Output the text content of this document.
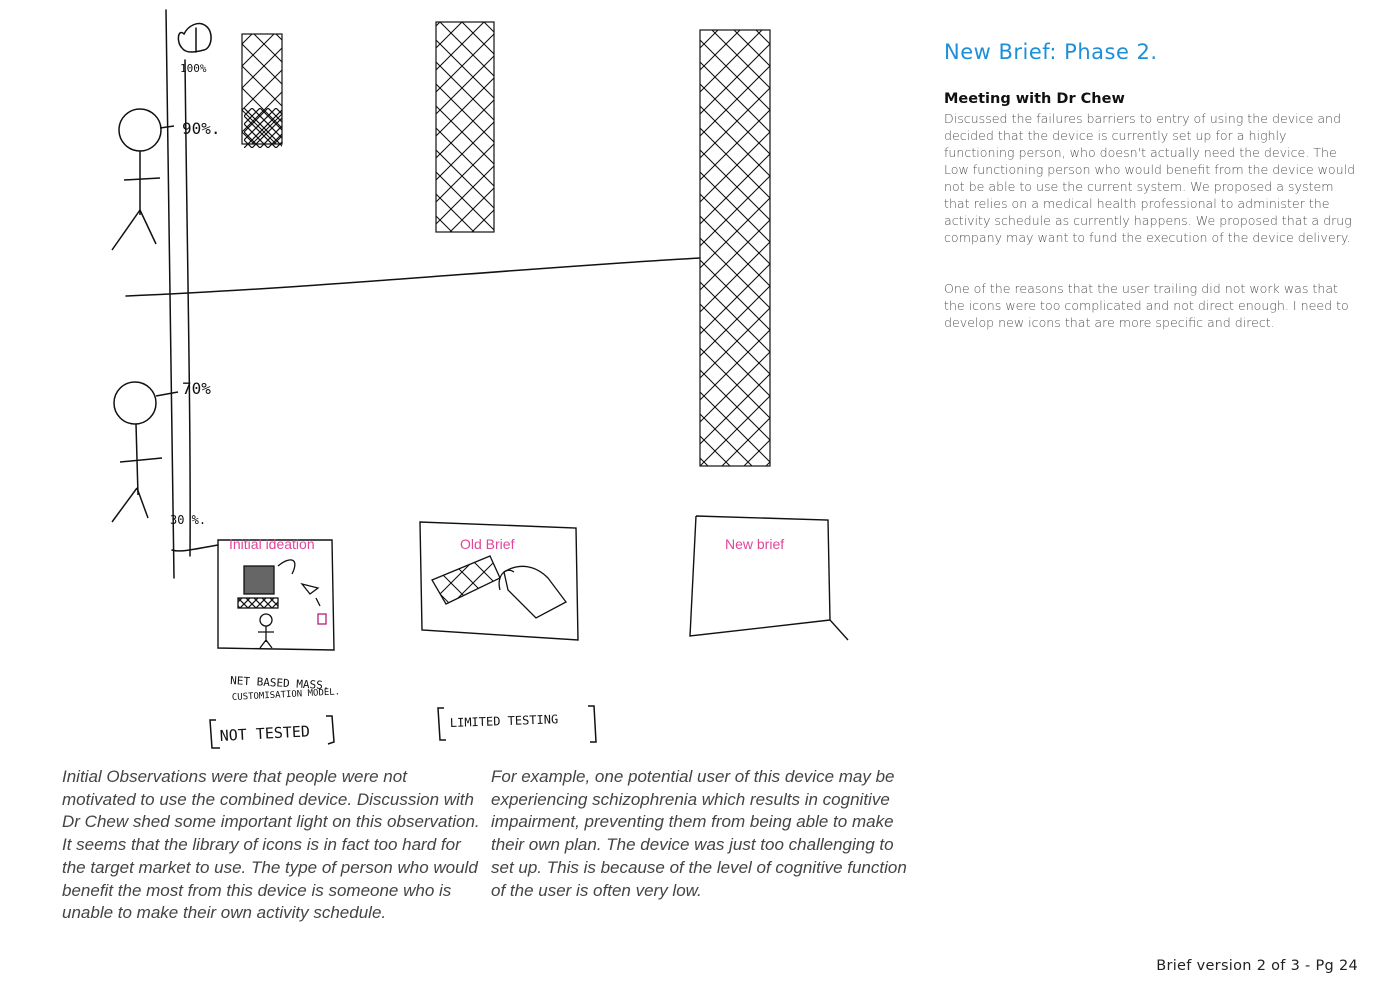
100%
90%.
70%
30 %.
Initial ideation	Old Brief	New brief
NET BASED MASS.
CUSTOMISATION MODEL.
NOT TESTED
LIMITED TESTING
New Brief: Phase 2.
Meeting with Dr Chew

Discussed the failures barriers to entry of using the device and decided that the device is currently set up for a highly functioning person, who doesn't actually need the device. The Low functioning person who would benefit from the device would not be able to use the current system. We proposed a system that relies on a medical health professional to administer the activity schedule as currently happens. We proposed that a drug company may want to fund the execution of the device delivery.

One of the reasons that the user trailing did not work was that the icons were too complicated and not direct enough. I need to develop new icons that are more specific and direct.

Initial Observations were that people were not motivated to use the combined device. Discussion with Dr Chew shed some important light on this observation. It seems that the library of icons is in fact too hard for the target market to use. The type of person who would benefit the most from this device is someone who is unable to make their own activity schedule.

For example, one potential user of this device may be experiencing schizophrenia which results in cognitive impairment, preventing them from being able to make their own plan. The device was just too challenging to set up. This is because of the level of cognitive function of the user is often very low.

Brief version 2 of 3 - Pg 24
